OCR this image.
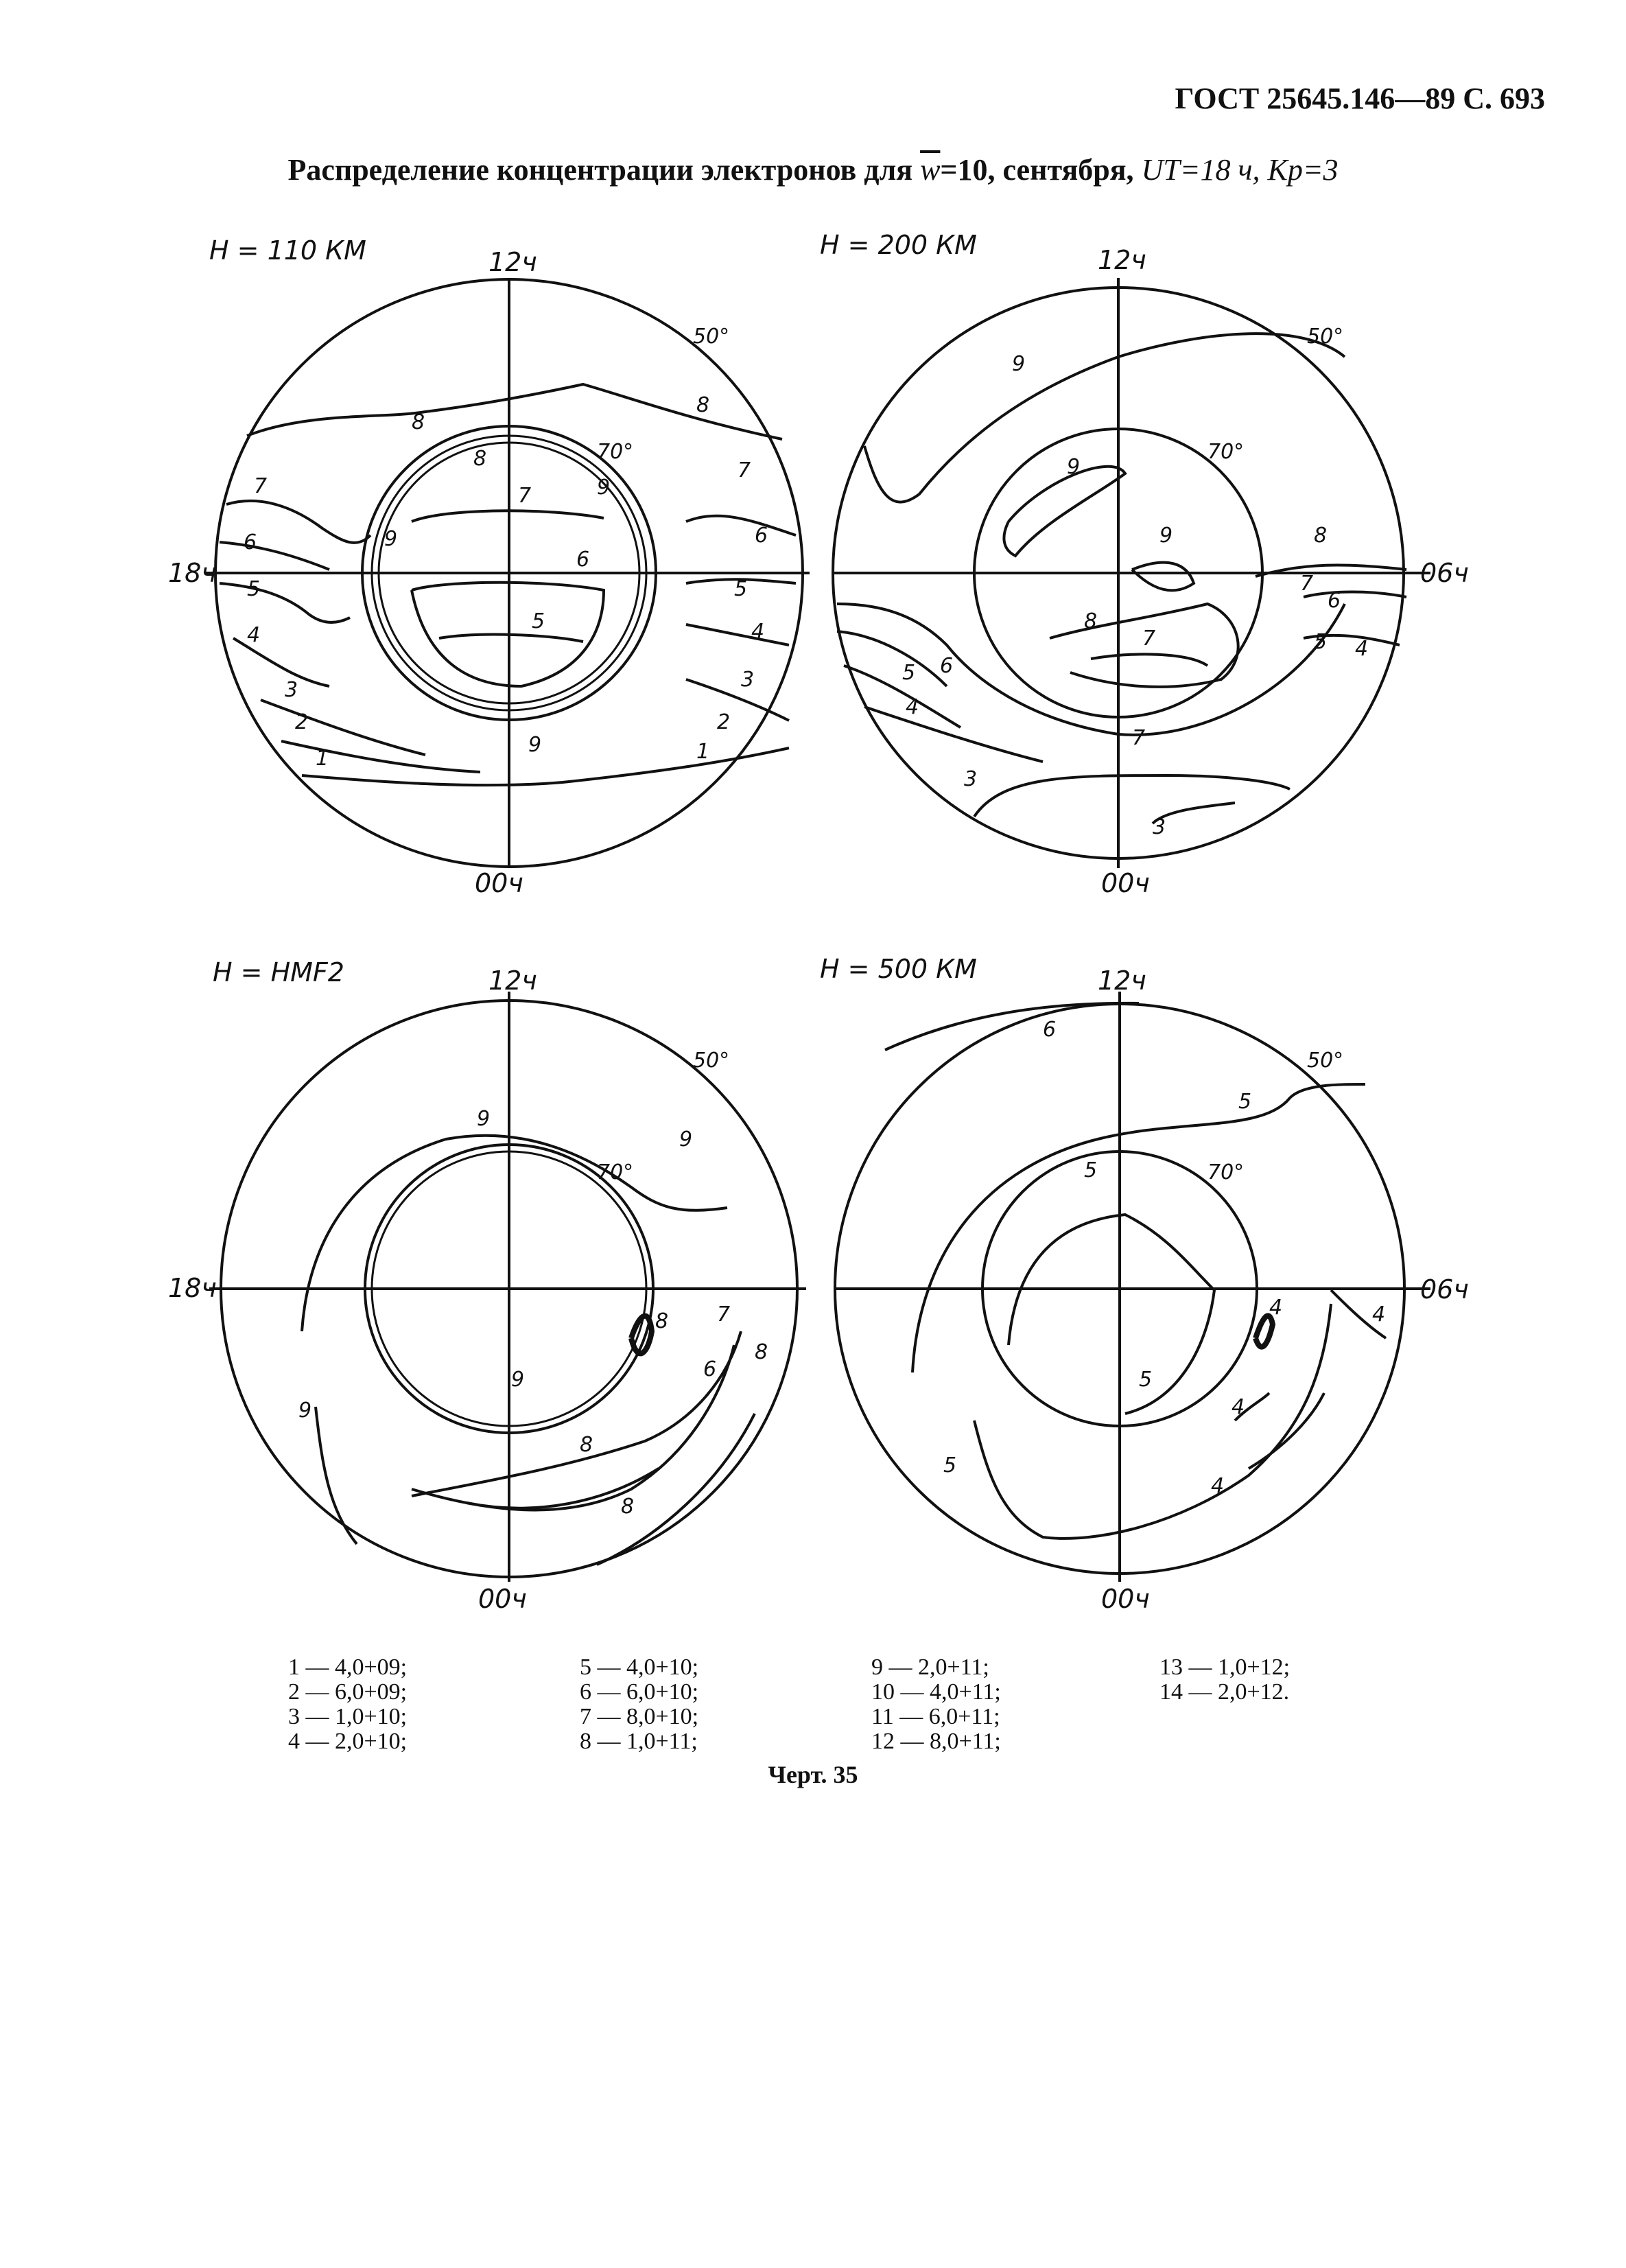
ГОСТ 25645.146—89 С. 693
Распределение концентрации электронов для $\overline{w}=10$, сентября, UT=18 ч, Kp=3
H = 110 КМ	12ч
00ч
18ч
50°
70°
H = 200 КМ	12ч
00ч
06ч
50°
70°
H = HMF2	12ч
00ч
18ч
50°
70°
H = 500 КМ	12ч
00ч
06ч
50°
70°
8
8
8
7
7
7
6	6
6
5	5
5
4	4
3	3
2	2
1	1
9
9
9
9
9
9	8
8
7
7
7
6
6
5
5
4
4
3
3
9
9
9
9
8
8
8
8
7
6
6
5
5
5
5
4	4
4
4
1 — 4,0+09;
2 — 6,0+09;
3 — 1,0+10;
4 — 2,0+10;
5 — 4,0+10;
6 — 6,0+10;
7 — 8,0+10;
8 — 1,0+11;
9 — 2,0+11;
10 — 4,0+11;
11 — 6,0+11;
12 — 8,0+11;
13 — 1,0+12;
14 — 2,0+12.
Черт. 35
